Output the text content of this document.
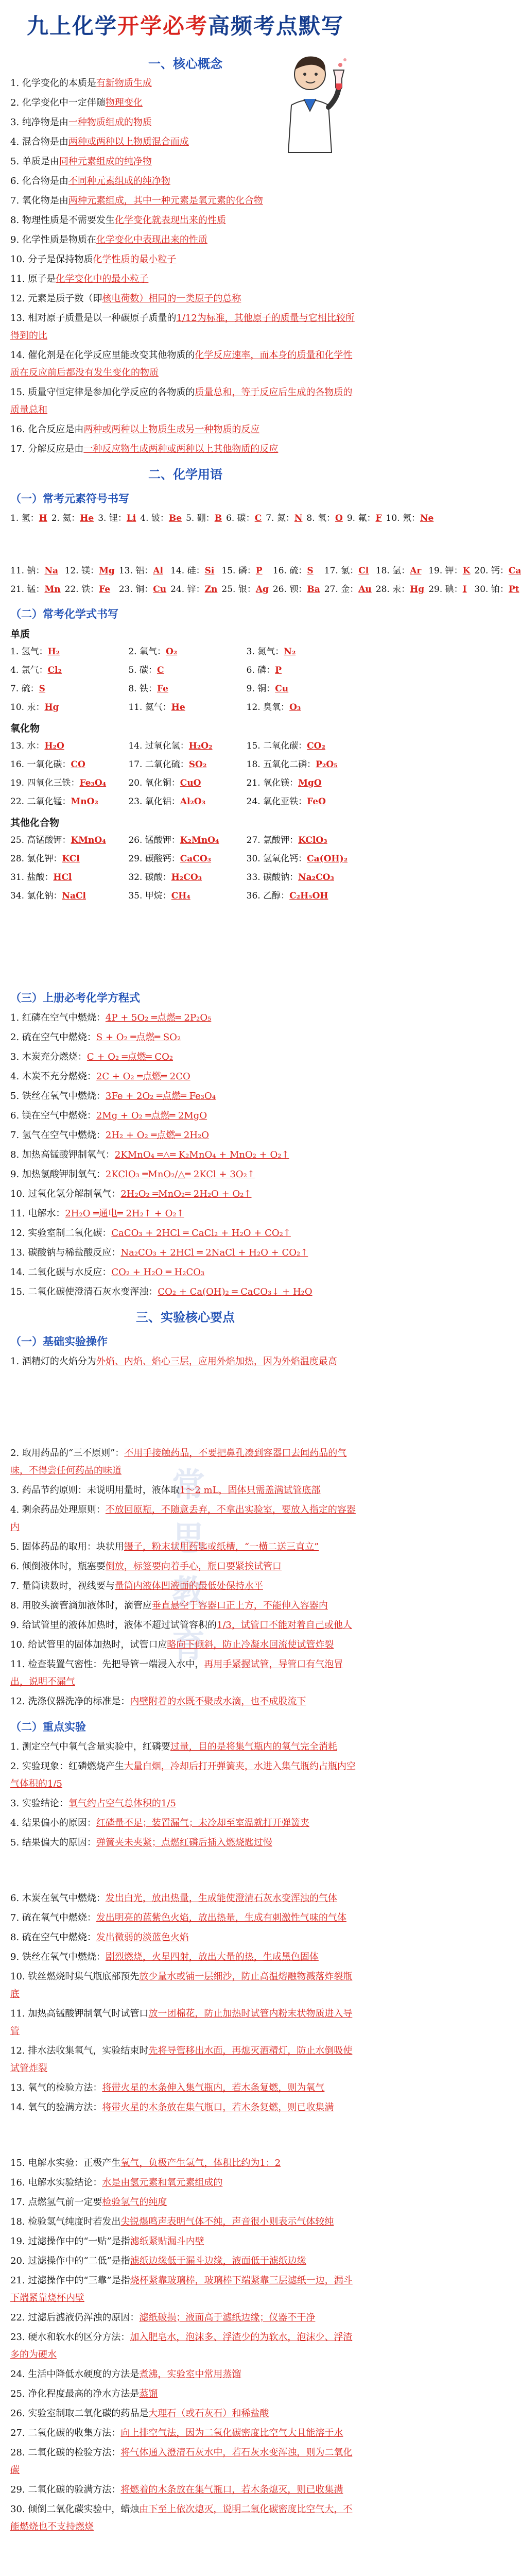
常思教育
九上化学开学必考高频考点默写
一、核心概念
1. 化学变化的本质是有新物质生成
2. 化学变化中一定伴随物理变化
3. 纯净物是由一种物质组成的物质
4. 混合物是由两种或两种以上物质混合而成
5. 单质是由同种元素组成的纯净物
6. 化合物是由不同种元素组成的纯净物
7. 氧化物是由两种元素组成，其中一种元素是氧元素的化合物
8. 物理性质是不需要发生化学变化就表现出来的性质
9. 化学性质是物质在化学变化中表现出来的性质
10. 分子是保持物质化学性质的最小粒子
11. 原子是化学变化中的最小粒子
12. 元素是质子数（即核电荷数）相同的一类原子的总称
13. 相对原子质量是以一种碳原子质量的1/12为标准，其他原子的质量与它相比较所得到的比
14. 催化剂是在化学反应里能改变其他物质的化学反应速率，而本身的质量和化学性质在反应前后都没有发生变化的物质
15. 质量守恒定律是参加化学反应的各物质的质量总和，等于反应后生成的各物质的质量总和
16. 化合反应是由两种或两种以上物质生成另一种物质的反应
17. 分解反应是由一种反应物生成两种或两种以上其他物质的反应
二、化学用语
（一）常考元素符号书写
1. 氢：H 2. 氦：He 3. 锂：Li 4. 铍：Be 5. 硼：B 6. 碳：C 7. 氮：N 8. 氧：O 9. 氟：F 10. 氖：Ne
11. 钠：Na 12. 镁：Mg 13. 铝：Al 14. 硅：Si 15. 磷：P	16. 硫：S	17. 氯：Cl 18. 氩：Ar 19. 钾：K 20. 钙：Ca
21. 锰：Mn 22. 铁：Fe 23. 铜：Cu 24. 锌：Zn 25. 银：Ag 26. 钡：Ba 27. 金：Au 28. 汞：Hg 29. 碘：I 30. 铂：Pt
（二）常考化学式书写
单质
1. 氢气：H₂	2. 氧气：O₂	3. 氮气：N₂
4. 氯气：Cl₂	5. 碳：C	6. 磷：P
7. 硫：S	8. 铁：Fe	9. 铜：Cu
10. 汞：Hg	11. 氦气：He	12. 臭氧：O₃
氧化物
13. 水：H₂O	14. 过氧化氢：H₂O₂	15. 二氧化碳：CO₂
16. 一氧化碳：CO	17. 二氧化硫：SO₂	18. 五氧化二磷：P₂O₅
19. 四氧化三铁：Fe₃O₄	20. 氧化铜：CuO	21. 氧化镁：MgO
22. 二氧化锰：MnO₂	23. 氧化铝：Al₂O₃	24. 氧化亚铁：FeO
其他化合物
25. 高锰酸钾：KMnO₄	26. 锰酸钾：K₂MnO₄	27. 氯酸钾：KClO₃
28. 氯化钾：KCl	29. 碳酸钙：CaCO₃	30. 氢氧化钙：Ca(OH)₂
31. 盐酸：HCl	32. 碳酸：H₂CO₃	33. 碳酸钠：Na₂CO₃
34. 氯化钠：NaCl	35. 甲烷：CH₄	36. 乙醇：C₂H₅OH
（三）上册必考化学方程式
1. 红磷在空气中燃烧：4P + 5O₂ ═点燃═ 2P₂O₅
2. 硫在空气中燃烧：S + O₂ ═点燃═ SO₂
3. 木炭充分燃烧：C + O₂ ═点燃═ CO₂
4. 木炭不充分燃烧：2C + O₂ ═点燃═ 2CO
5. 铁丝在氧气中燃烧：3Fe + 2O₂ ═点燃═ Fe₃O₄
6. 镁在空气中燃烧：2Mg + O₂ ═点燃═ 2MgO
7. 氢气在空气中燃烧：2H₂ + O₂ ═点燃═ 2H₂O
8. 加热高锰酸钾制氧气：2KMnO₄ ═△═ K₂MnO₄ + MnO₂ + O₂↑
9. 加热氯酸钾制氧气：2KClO₃ ═MnO₂/△═ 2KCl + 3O₂↑
10. 过氧化氢分解制氧气：2H₂O₂ ═MnO₂═ 2H₂O + O₂↑
11. 电解水：2H₂O ═通电═ 2H₂↑ + O₂↑
12. 实验室制二氧化碳：CaCO₃ + 2HCl ═ CaCl₂ + H₂O + CO₂↑
13. 碳酸钠与稀盐酸反应：Na₂CO₃ + 2HCl ═ 2NaCl + H₂O + CO₂↑
14. 二氧化碳与水反应：CO₂ + H₂O ═ H₂CO₃
15. 二氧化碳使澄清石灰水变浑浊：CO₂ + Ca(OH)₂ ═ CaCO₃↓ + H₂O
三、实验核心要点
（一）基础实验操作
1. 酒精灯的火焰分为外焰、内焰、焰心三层，应用外焰加热，因为外焰温度最高
2. 取用药品的“三不原则”：不用手接触药品，不要把鼻孔凑到容器口去闻药品的气味，不得尝任何药品的味道
3. 药品节约原则：未说明用量时，液体取1～2 mL，固体只需盖满试管底部
4. 剩余药品处理原则：不放回原瓶，不随意丢弃，不拿出实验室，要放入指定的容器内
5. 固体药品的取用：块状用镊子，粉末状用药匙或纸槽，“一横二送三直立”
6. 倾倒液体时，瓶塞要倒放，标签要向着手心，瓶口要紧挨试管口
7. 量筒读数时，视线要与量筒内液体凹液面的最低处保持水平
8. 用胶头滴管滴加液体时，滴管应垂直悬空于容器口正上方，不能伸入容器内
9. 给试管里的液体加热时，液体不超过试管容积的1/3，试管口不能对着自己或他人
10. 给试管里的固体加热时，试管口应略向下倾斜，防止冷凝水回流使试管炸裂
11. 检查装置气密性：先把导管一端浸入水中，再用手紧握试管，导管口有气泡冒出，说明不漏气
12. 洗涤仪器洗净的标准是：内壁附着的水既不聚成水滴，也不成股流下
（二）重点实验
1. 测定空气中氧气含量实验中，红磷要过量，目的是将集气瓶内的氧气完全消耗
2. 实验现象：红磷燃烧产生大量白烟，冷却后打开弹簧夹，水进入集气瓶约占瓶内空气体积的1/5
3. 实验结论：氧气约占空气总体积的1/5
4. 结果偏小的原因：红磷量不足；装置漏气；未冷却至室温就打开弹簧夹
5. 结果偏大的原因：弹簧夹未夹紧；点燃红磷后插入燃烧匙过慢
6. 木炭在氧气中燃烧：发出白光，放出热量，生成能使澄清石灰水变浑浊的气体
7. 硫在氧气中燃烧：发出明亮的蓝紫色火焰，放出热量，生成有刺激性气味的气体
8. 硫在空气中燃烧：发出微弱的淡蓝色火焰
9. 铁丝在氧气中燃烧：剧烈燃烧，火星四射，放出大量的热，生成黑色固体
10. 铁丝燃烧时集气瓶底部预先放少量水或铺一层细沙，防止高温熔融物溅落炸裂瓶底
11. 加热高锰酸钾制氧气时试管口放一团棉花，防止加热时试管内粉末状物质进入导管
12. 排水法收集氧气，实验结束时先将导管移出水面，再熄灭酒精灯，防止水倒吸使试管炸裂
13. 氧气的检验方法：将带火星的木条伸入集气瓶内，若木条复燃，则为氧气
14. 氧气的验满方法：将带火星的木条放在集气瓶口，若木条复燃，则已收集满
15. 电解水实验：正极产生氧气，负极产生氢气，体积比约为1：2
16. 电解水实验结论：水是由氢元素和氧元素组成的
17. 点燃氢气前一定要检验氢气的纯度
18. 检验氢气纯度时若发出尖锐爆鸣声表明气体不纯，声音很小则表示气体较纯
19. 过滤操作中的“一贴”是指滤纸紧贴漏斗内壁
20. 过滤操作中的“二低”是指滤纸边缘低于漏斗边缘，液面低于滤纸边缘
21. 过滤操作中的“三靠”是指烧杯紧靠玻璃棒，玻璃棒下端紧靠三层滤纸一边，漏斗下端紧靠烧杯内壁
22. 过滤后滤液仍浑浊的原因：滤纸破损；液面高于滤纸边缘；仪器不干净
23. 硬水和软水的区分方法：加入肥皂水，泡沫多、浮渣少的为软水，泡沫少、浮渣多的为硬水
24. 生活中降低水硬度的方法是煮沸，实验室中常用蒸馏
25. 净化程度最高的净水方法是蒸馏
26. 实验室制取二氧化碳的药品是大理石（或石灰石）和稀盐酸
27. 二氧化碳的收集方法：向上排空气法，因为二氧化碳密度比空气大且能溶于水
28. 二氧化碳的检验方法：将气体通入澄清石灰水中，若石灰水变浑浊，则为二氧化碳
29. 二氧化碳的验满方法：将燃着的木条放在集气瓶口，若木条熄灭，则已收集满
30. 倾倒二氧化碳实验中，蜡烛由下至上依次熄灭，说明二氧化碳密度比空气大，不能燃烧也不支持燃烧
